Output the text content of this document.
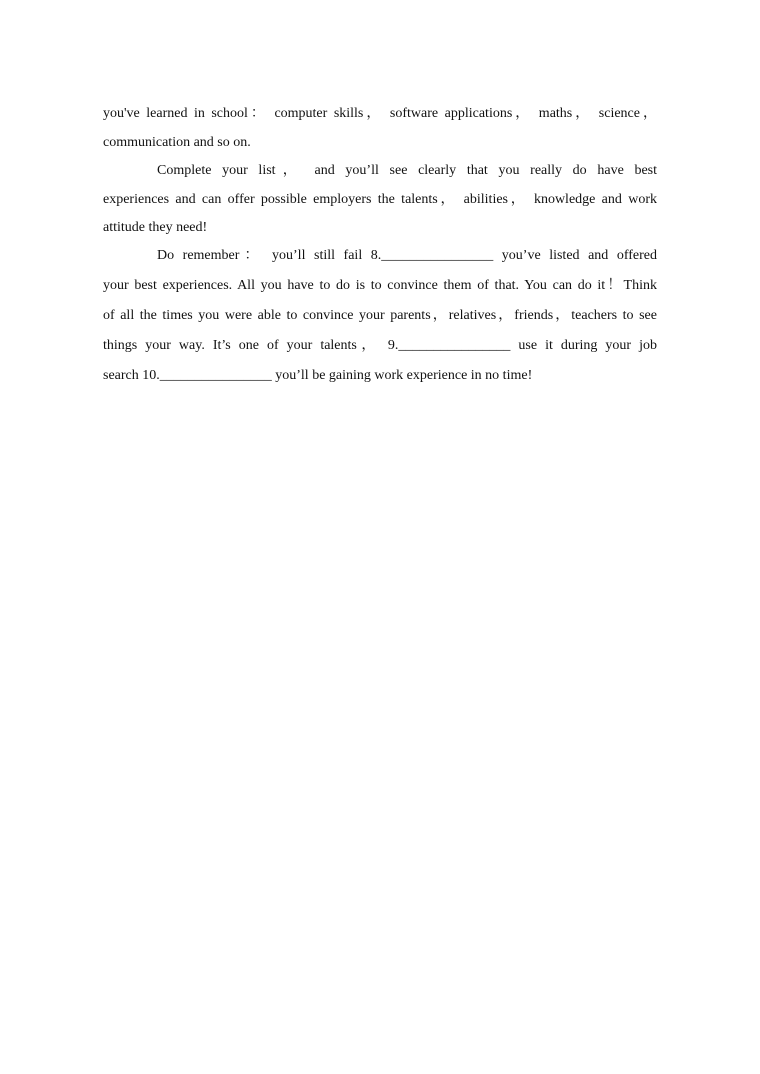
you've learned in school： computer skills， software applications， maths， science，
communication and so on.
Complete your list， and you’ll see clearly that you really do have best
experiences and can offer possible employers the talents， abilities， knowledge and work
attitude they need!
Do remember： you’ll still fail 8.________________ you’ve listed and offered
your best experiences. All you have to do is to convince them of that. You can do it！Think
of all the times you were able to convince your parents，relatives，friends，teachers to see
things your way. It’s one of your talents， 9.________________ use it during your job
search 10.________________ you’ll be gaining work experience in no time!
